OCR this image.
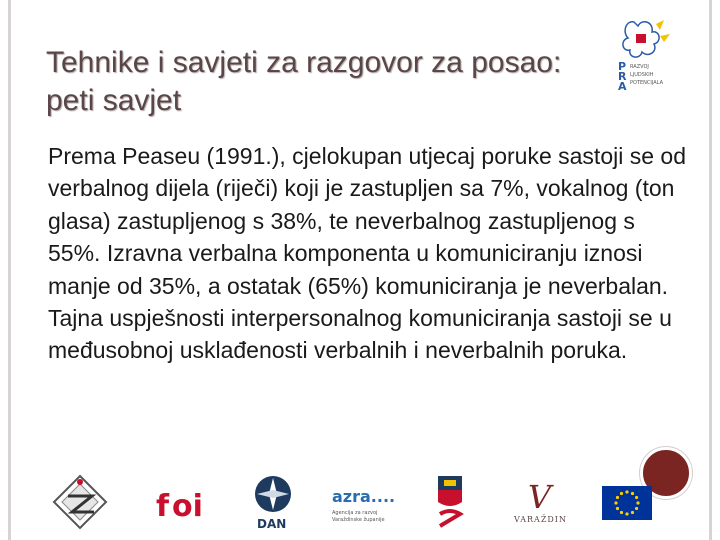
P
R
A
RAZVOJ
LJUDSKIH
POTENCIJALA
Tehnike i savjeti za razgovor za posao: peti savjet

Prema Peaseu (1991.), cjelokupan utjecaj poruke sastoji se od verbalnog dijela (riječi) koji je zastupljen sa 7%, vokalnog (ton glasa) zastupljenog s 38%, te neverbalnog zastupljenog s 55%. Izravna verbalna komponenta u komuniciranju iznosi manje od 35%, a ostatak (65%) komuniciranja je neverbalan. Tajna uspješnosti interpersonalnog komuniciranja sastoji se u međusobnoj usklađenosti verbalnih i neverbalnih poruka.

f oi	DAN
azra....
Agencija za razvoj
Varaždinske županije
V
VARAŽDIN
